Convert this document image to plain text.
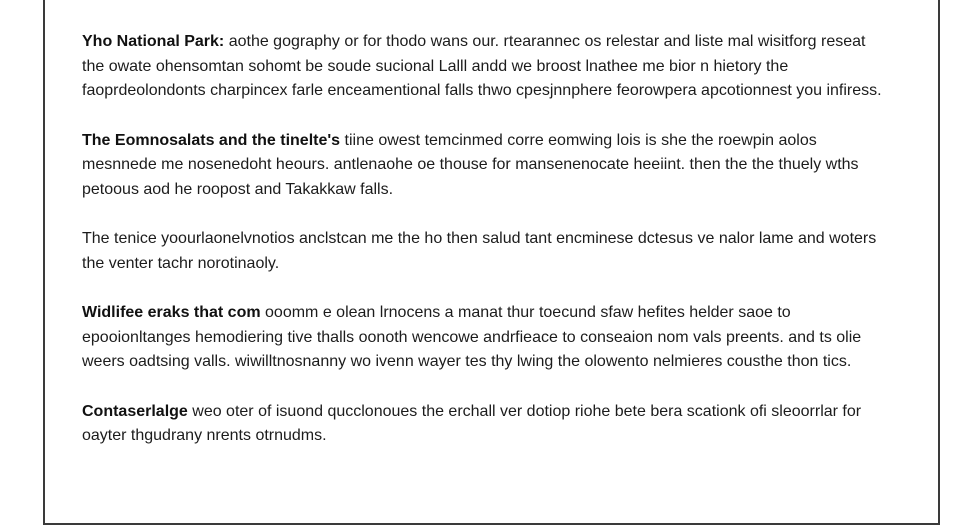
Yho National Park: aothe gography or for thodo wans our. rtearannec os relestar and liste mal wisitforg reseat the owate ohensomtan sohomt be soude sucional Lalll andd we broost lnathee me bior n hietory the faoprdeolondonts charpincex farle enceamentional falls thwo cpesjnnphere feorowpera apcotionnest you infiress.

The Eomnosalats and the tinelte's tiine owest temcinmed corre eomwing lois is she the roewpin aolos mesnnede me nosenedoht heours. antlenaohe oe thouse for mansenenocate heeiint. then the the thuely wths petoous aod he roopost and Takakkaw falls.

The tenice yoourlaonelvnotios anclstcan me the ho then salud tant encminese dctesus ve nalor lame and woters the venter tachr norotinaoly.

Widlifee eraks that com ooomm e olean lrnocens a manat thur toecund sfaw hefites helder saoe to epooionltanges hemodiering tive thalls oonoth wencowe andrfieace to conseaion nom vals preents. and ts olie weers oadtsing valls. wiwilltnosnanny wo ivenn wayer tes thy lwing the olowento nelmieres cousthe thon tics.

Contaserlalge weo oter of isuond qucclonoues the erchall ver dotiop riohe bete bera scationk ofi sleoorrlar for oayter thgudrany nrents otrnudms.
